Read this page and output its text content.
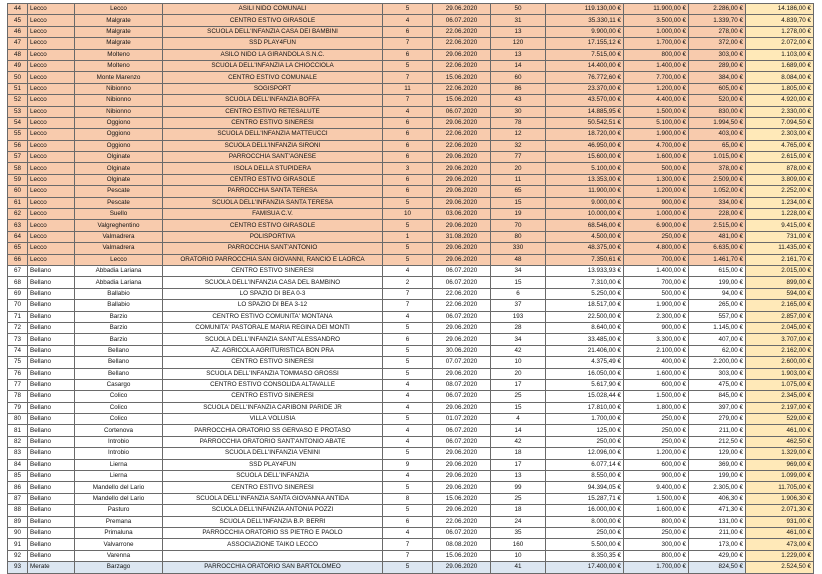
44	Lecco	Lecco	ASILI NIDO COMUNALI	5	29.06.2020	50	119.130,00 €	11.900,00 €	2.286,00 €	14.186,00 €
45	Lecco	Malgrate	CENTRO ESTIVO GIRASOLE	4	06.07.2020	31	35.330,11 €	3.500,00 €	1.339,70 €	4.839,70 €
46	Lecco	Malgrate	SCUOLA DELL'INFANZIA CASA DEI BAMBINI	6	22.06.2020	13	9.900,00 €	1.000,00 €	278,00 €	1.278,00 €
47	Lecco	Malgrate	SSD PLAY4FUN	7	22.06.2020	120	17.155,12 €	1.700,00 €	372,00 €	2.072,00 €
48	Lecco	Molteno	ASILO NIDO LA GIRANDOLA S.N.C.	6	29.06.2020	13	7.515,00 €	800,00 €	303,00 €	1.103,00 €
49	Lecco	Molteno	SCUOLA DELL'INFANZIA LA CHIOCCIOLA	5	22.06.2020	14	14.400,00 €	1.400,00 €	289,00 €	1.689,00 €
50	Lecco	Monte Marenzo	CENTRO ESTIVO COMUNALE	7	15.06.2020	60	76.772,60 €	7.700,00 €	384,00 €	8.084,00 €
51	Lecco	Nibionno	SOGISPORT	11	22.06.2020	86	23.370,00 €	1.200,00 €	605,00 €	1.805,00 €
52	Lecco	Nibionno	SCUOLA DELL'INFANZIA BOFFA	7	15.06.2020	43	43.570,00 €	4.400,00 €	520,00 €	4.920,00 €
53	Lecco	Nibionno	CENTRO ESTIVO RETESALUTE	4	06.07.2020	30	14.885,95 €	1.500,00 €	830,00 €	2.330,00 €
54	Lecco	Oggiono	CENTRO ESTIVO SINERESI	6	29.06.2020	78	50.542,51 €	5.100,00 €	1.994,50 €	7.094,50 €
55	Lecco	Oggiono	SCUOLA DELL'INFANZIA MATTEUCCI	6	22.06.2020	12	18.720,00 €	1.900,00 €	403,00 €	2.303,00 €
56	Lecco	Oggiono	SCUOLA DELL'INFANZIA SIRONI	6	22.06.2020	32	46.950,00 €	4.700,00 €	65,00 €	4.765,00 €
57	Lecco	Olginate	PARROCCHIA SANT'AGNESE	6	29.06.2020	77	15.600,00 €	1.600,00 €	1.015,00 €	2.615,00 €
58	Lecco	Olginate	ISOLA DELLA STUPIDERA	3	29.06.2020	20	5.100,00 €	500,00 €	378,00 €	878,00 €
59	Lecco	Olginate	CENTRO ESTIVO GIRASOLE	6	29.06.2020	11	13.353,00 €	1.300,00 €	2.509,00 €	3.809,00 €
60	Lecco	Pescate	PARROCCHIA SANTA TERESA	6	29.06.2020	65	11.900,00 €	1.200,00 €	1.052,00 €	2.252,00 €
61	Lecco	Pescate	SCUOLA DELL'INFANZIA SANTA TERESA	5	29.06.2020	15	9.000,00 €	900,00 €	334,00 €	1.234,00 €
62	Lecco	Suello	FAMISUA C.V.	10	03.06.2020	19	10.000,00 €	1.000,00 €	228,00 €	1.228,00 €
63	Lecco	Valgreghentino	CENTRO ESTIVO GIRASOLE	5	29.06.2020	70	68.546,00 €	6.900,00 €	2.515,00 €	9.415,00 €
64	Lecco	Valmadrera	POLISPORTIVA	1	31.08.2020	80	4.500,00 €	250,00 €	481,00 €	731,00 €
65	Lecco	Valmadrera	PARROCCHIA SANT'ANTONIO	5	29.06.2020	330	48.375,00 €	4.800,00 €	6.635,00 €	11.435,00 €
66	Lecco	Lecco	ORATORIO PARROCCHIA SAN GIOVANNI, RANCIO E LAORCA	5	29.06.2020	48	7.350,61 €	700,00 €	1.461,70 €	2.161,70 €
67	Bellano	Abbadia Lariana	CENTRO ESTIVO SINERESI	4	06.07.2020	34	13.933,93 €	1.400,00 €	615,00 €	2.015,00 €
68	Bellano	Abbadia Lariana	SCUOLA DELL'INFANZIA CASA DEL BAMBINO	2	06.07.2020	15	7.310,00 €	700,00 €	199,00 €	899,00 €
69	Bellano	Ballabio	LO SPAZIO DI BEA 0-3	7	22.06.2020	6	5.250,00 €	500,00 €	94,00 €	594,00 €
70	Bellano	Ballabio	LO SPAZIO DI BEA 3-12	7	22.06.2020	37	18.517,00 €	1.900,00 €	265,00 €	2.165,00 €
71	Bellano	Barzio	CENTRO ESTIVO COMUNITA' MONTANA	4	06.07.2020	193	22.500,00 €	2.300,00 €	557,00 €	2.857,00 €
72	Bellano	Barzio	COMUNITA' PASTORALE MARIA REGINA DEI MONTI	5	29.06.2020	28	8.640,00 €	900,00 €	1.145,00 €	2.045,00 €
73	Bellano	Barzio	SCUOLA DELL'INFANZIA SANT'ALESSANDRO	6	29.06.2020	34	33.485,00 €	3.300,00 €	407,00 €	3.707,00 €
74	Bellano	Bellano	AZ. AGRICOLA AGRITURISTICA BON PRA	5	30.06.2020	42	21.406,00 €	2.100,00 €	62,00 €	2.162,00 €
75	Bellano	Bellano	CENTRO ESTIVO SINERESI	5	07.07.2020	10	4.375,49 €	400,00 €	2.200,00 €	2.600,00 €
76	Bellano	Bellano	SCUOLA DELL'INFANZIA TOMMASO GROSSI	5	29.06.2020	20	16.050,00 €	1.600,00 €	303,00 €	1.903,00 €
77	Bellano	Casargo	CENTRO ESTIVO CONSOLIDA ALTAVALLE	4	08.07.2020	17	5.617,90 €	600,00 €	475,00 €	1.075,00 €
78	Bellano	Colico	CENTRO ESTIVO SINERESI	4	06.07.2020	25	15.028,44 €	1.500,00 €	845,00 €	2.345,00 €
79	Bellano	Colico	SCUOLA DELL'INFANZIA CARIBONI PARIDE JR	4	29.06.2020	15	17.810,00 €	1.800,00 €	397,00 €	2.197,00 €
80	Bellano	Colico	VILLA VOLUSIA	5	01.07.2020	4	1.700,00 €	250,00 €	279,00 €	529,00 €
81	Bellano	Cortenova	PARROCCHIA ORATORIO SS GERVASO E PROTASO	4	06.07.2020	14	125,00 €	250,00 €	211,00 €	461,00 €
82	Bellano	Introbio	PARROCCHIA ORATORIO SANT'ANTONIO ABATE	4	06.07.2020	42	250,00 €	250,00 €	212,50 €	462,50 €
83	Bellano	Introbio	SCUOLA DELL'INFANZIA VENINI	5	29.06.2020	18	12.096,00 €	1.200,00 €	129,00 €	1.329,00 €
84	Bellano	Lierna	SSD PLAY4FUN	9	29.06.2020	17	6.077,14 €	600,00 €	369,00 €	969,00 €
85	Bellano	Lierna	SCUOLA DELL'INFANZIA	4	29.06.2020	13	8.550,00 €	900,00 €	199,00 €	1.099,00 €
86	Bellano	Mandello del Lario	CENTRO ESTIVO SINERESI	5	29.06.2020	99	94.394,05 €	9.400,00 €	2.305,00 €	11.705,00 €
87	Bellano	Mandello del Lario	SCUOLA DELL'INFANZIA SANTA GIOVANNA ANTIDA	8	15.06.2020	25	15.287,71 €	1.500,00 €	406,30 €	1.906,30 €
88	Bellano	Pasturo	SCUOLA DELL'INFANZIA ANTONIA POZZI	5	29.06.2020	18	16.000,00 €	1.600,00 €	471,30 €	2.071,30 €
89	Bellano	Premana	SCUOLA DELL'INFANZIA B.P. BERRI	6	22.06.2020	24	8.000,00 €	800,00 €	131,00 €	931,00 €
90	Bellano	Primaluna	PARROCCHIA ORATORIO SS PIETRO E PAOLO	4	06.07.2020	35	250,00 €	250,00 €	211,00 €	461,00 €
91	Bellano	Valvarrone	ASSOCIAZIONE TAIKO LECCO	7	08.08.2020	160	5.500,00 €	300,00 €	173,00 €	473,00 €
92	Bellano	Varenna		7	15.06.2020	10	8.350,35 €	800,00 €	429,00 €	1.229,00 €
93	Merate	Barzago	PARROCCHIA ORATORIO SAN BARTOLOMEO	5	29.06.2020	41	17.400,00 €	1.700,00 €	824,50 €	2.524,50 €
